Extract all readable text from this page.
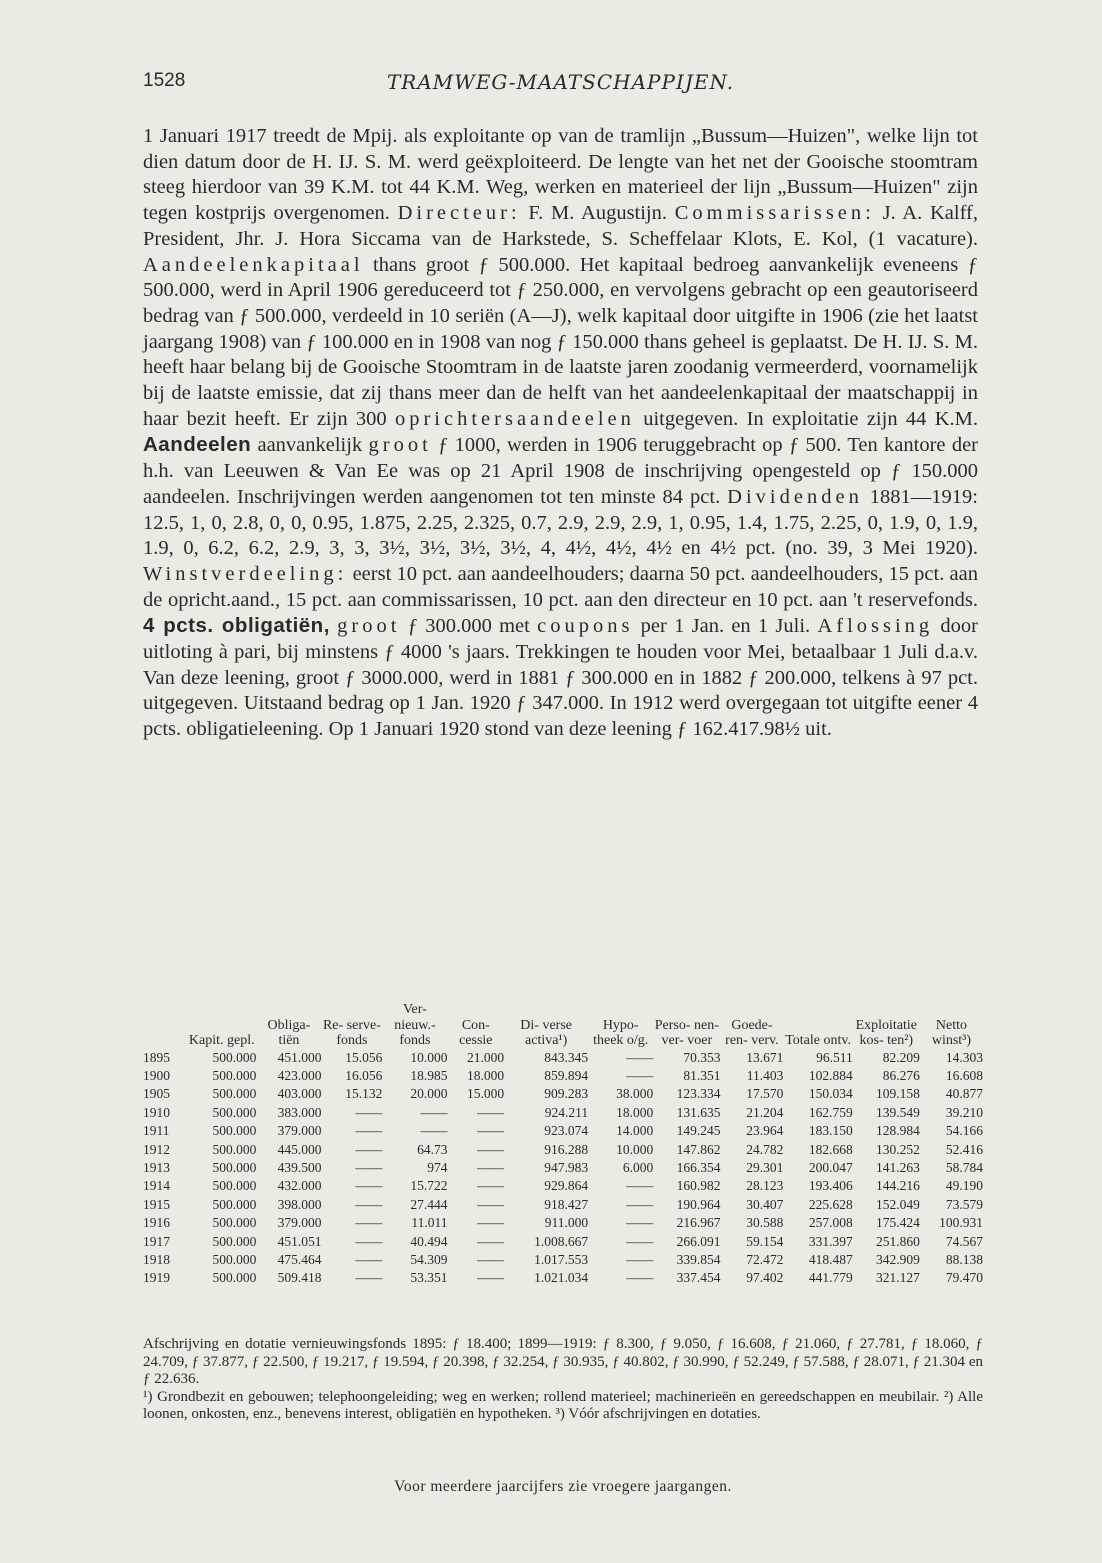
1528	TRAMWEG-MAATSCHAPPIJEN.

1 Januari 1917 treedt de Mpij. als exploitante op van de tramlijn „Bussum—Huizen", welke lijn tot dien datum door de H. IJ. S. M. werd geëxploiteerd. De lengte van het net der Gooische stoomtram steeg hierdoor van 39 K.M. tot 44 K.M. Weg, werken en materieel der lijn „Bussum—Huizen" zijn tegen kostprijs overgenomen. Directeur: F. M. Augustijn. Commissarissen: J. A. Kalff, President, Jhr. J. Hora Siccama van de Harkstede, S. Scheffelaar Klots, E. Kol, (1 vacature). Aandeelenkapitaal thans groot ƒ 500.000. Het kapitaal bedroeg aanvankelijk eveneens ƒ 500.000, werd in April 1906 gereduceerd tot ƒ 250.000, en vervolgens gebracht op een geautoriseerd bedrag van ƒ 500.000, verdeeld in 10 seriën (A—J), welk kapitaal door uitgifte in 1906 (zie het laatst jaargang 1908) van ƒ 100.000 en in 1908 van nog ƒ 150.000 thans geheel is geplaatst. De H. IJ. S. M. heeft haar belang bij de Gooische Stoomtram in de laatste jaren zoodanig vermeerderd, voornamelijk bij de laatste emissie, dat zij thans meer dan de helft van het aandeelenkapitaal der maatschappij in haar bezit heeft. Er zijn 300 oprichtersaandeelen uitgegeven. In exploitatie zijn 44 K.M. Aandeelen aanvankelijk groot ƒ 1000, werden in 1906 teruggebracht op ƒ 500. Ten kantore der h.h. van Leeuwen & Van Ee was op 21 April 1908 de inschrijving opengesteld op ƒ 150.000 aandeelen. Inschrijvingen werden aangenomen tot ten minste 84 pct. Dividenden 1881—1919: 12.5, 1, 0, 2.8, 0, 0, 0.95, 1.875, 2.25, 2.325, 0.7, 2.9, 2.9, 2.9, 1, 0.95, 1.4, 1.75, 2.25, 0, 1.9, 0, 1.9, 1.9, 0, 6.2, 6.2, 2.9, 3, 3, 3½, 3½, 3½, 3½, 4, 4½, 4½, 4½ en 4½ pct. (no. 39, 3 Mei 1920). Winstverdeeling: eerst 10 pct. aan aandeelhouders; daarna 50 pct. aandeelhouders, 15 pct. aan de opricht.aand., 15 pct. aan commissarissen, 10 pct. aan den directeur en 10 pct. aan 't reservefonds. 4 pcts. obligatiën, groot ƒ 300.000 met coupons per 1 Jan. en 1 Juli. Aflossing door uitloting à pari, bij minstens ƒ 4000 's jaars. Trekkingen te houden voor Mei, betaalbaar 1 Juli d.a.v. Van deze leening, groot ƒ 3000.000, werd in 1881 ƒ 300.000 en in 1882 ƒ 200.000, telkens à 97 pct. uitgegeven. Uitstaand bedrag op 1 Jan. 1920 ƒ 347.000. In 1912 werd overgegaan tot uitgifte eener 4 pcts. obligatieleening. Op 1 Januari 1920 stond van deze leening ƒ 162.417.98½ uit.

	Kapit. gepl.	Obliga- tiën	Re- serve- fonds	Ver- nieuw.- fonds	Con- cessie	Di- verse activa¹)	Hypo- theek o/g.	Perso- nen- ver- voer	Goede- ren- verv.	Totale ontv.	Exploitatie kos- ten²)	Netto winst³)
1895	500.000	451.000	15.056	10.000	21.000	843.345	——	70.353	13.671	96.511	82.209	14.303
1900	500.000	423.000	16.056	18.985	18.000	859.894	——	81.351	11.403	102.884	86.276	16.608
1905	500.000	403.000	15.132	20.000	15.000	909.283	38.000	123.334	17.570	150.034	109.158	40.877
1910	500.000	383.000	——	——	——	924.211	18.000	131.635	21.204	162.759	139.549	39.210
1911	500.000	379.000	——	——	——	923.074	14.000	149.245	23.964	183.150	128.984	54.166
1912	500.000	445.000	——	64.73	——	916.288	10.000	147.862	24.782	182.668	130.252	52.416
1913	500.000	439.500	——	974	——	947.983	6.000	166.354	29.301	200.047	141.263	58.784
1914	500.000	432.000	——	15.722	——	929.864	——	160.982	28.123	193.406	144.216	49.190
1915	500.000	398.000	——	27.444	——	918.427	——	190.964	30.407	225.628	152.049	73.579
1916	500.000	379.000	——	11.011	——	911.000	——	216.967	30.588	257.008	175.424	100.931
1917	500.000	451.051	——	40.494	——	1.008.667	——	266.091	59.154	331.397	251.860	74.567
1918	500.000	475.464	——	54.309	——	1.017.553	——	339.854	72.472	418.487	342.909	88.138
1919	500.000	509.418	——	53.351	——	1.021.034	——	337.454	97.402	441.779	321.127	79.470

Afschrijving en dotatie vernieuwingsfonds 1895: ƒ 18.400; 1899—1919: ƒ 8.300, ƒ 9.050, ƒ 16.608, ƒ 21.060, ƒ 27.781, ƒ 18.060, ƒ 24.709, ƒ 37.877, ƒ 22.500, ƒ 19.217, ƒ 19.594, ƒ 20.398, ƒ 32.254, ƒ 30.935, ƒ 40.802, ƒ 30.990, ƒ 52.249, ƒ 57.588, ƒ 28.071, ƒ 21.304 en ƒ 22.636.

¹) Grondbezit en gebouwen; telephoongeleiding; weg en werken; rollend materieel; machinerieën en gereedschappen en meubilair. ²) Alle loonen, onkosten, enz., benevens interest, obligatiën en hypotheken. ³) Vóór afschrijvingen en dotaties.

Voor meerdere jaarcijfers zie vroegere jaargangen.
